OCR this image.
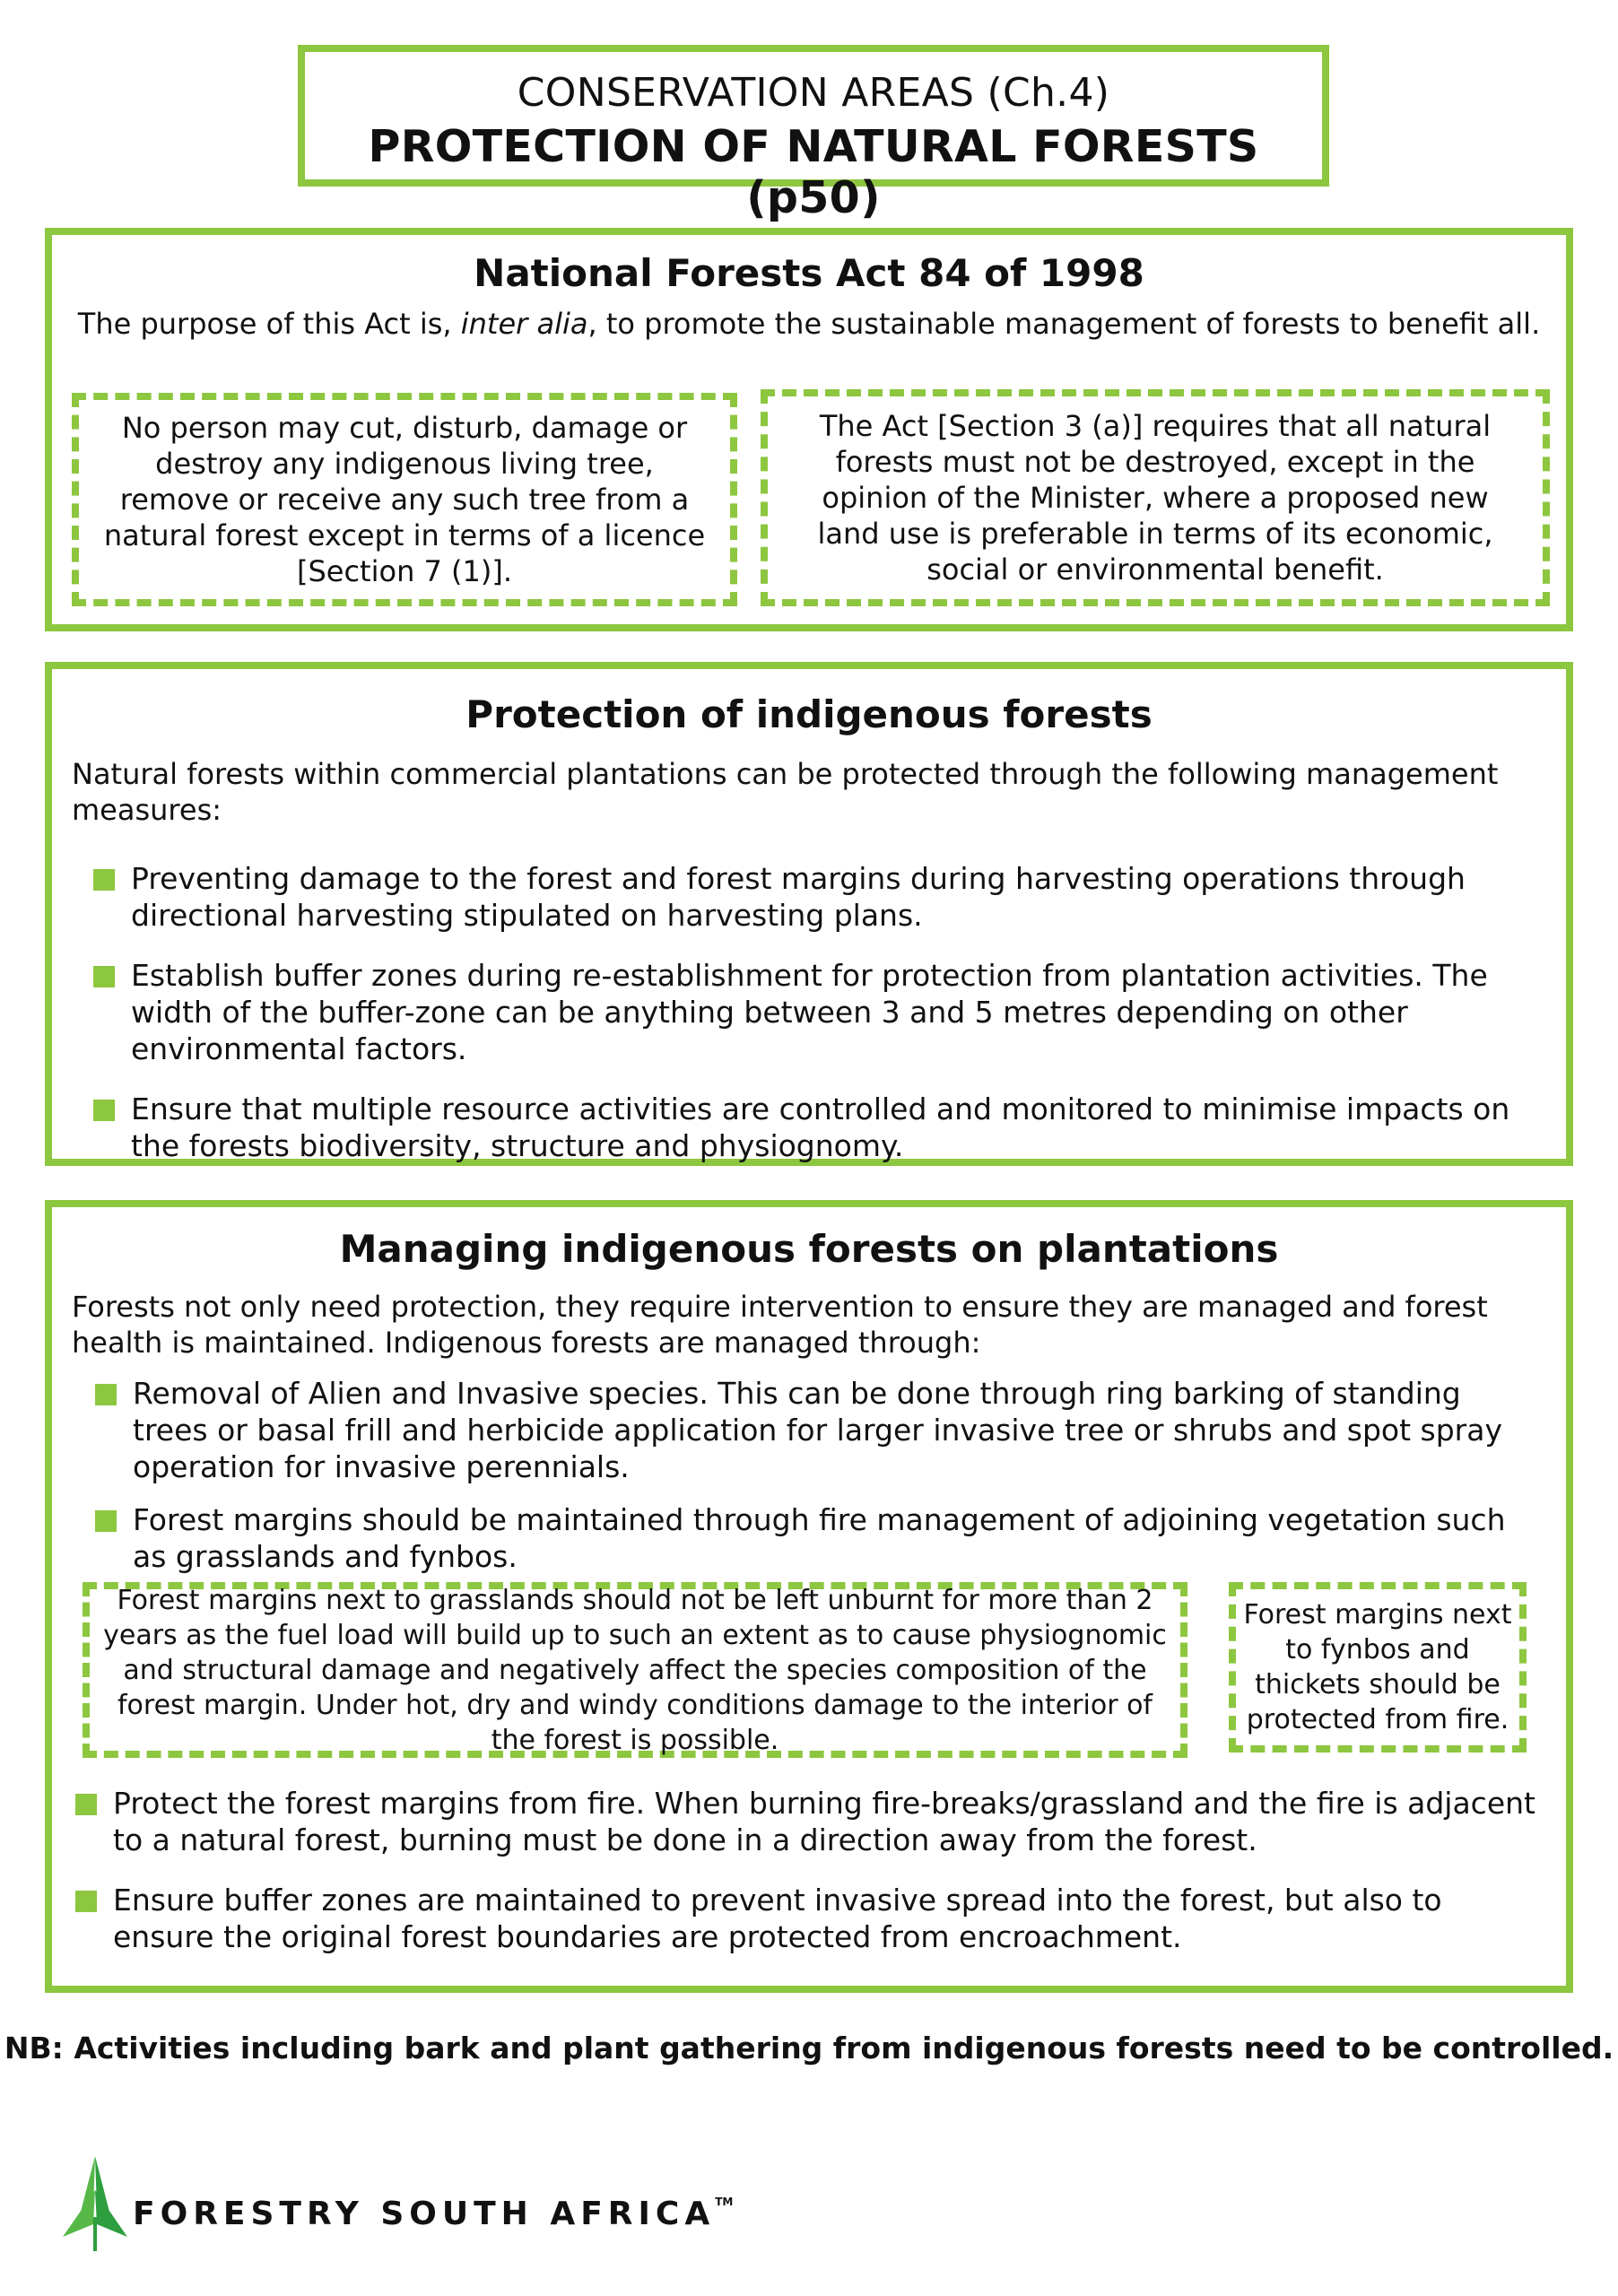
CONSERVATION AREAS (Ch.4)
PROTECTION OF NATURAL FORESTS (p50)
National Forests Act 84 of 1998
The purpose of this Act is, inter alia, to promote the sustainable management of forests to benefit all.
No person may cut, disturb, damage or destroy any indigenous living tree, remove or receive any such tree from a natural forest except in terms of a licence [Section 7 (1)].
The Act [Section 3 (a)] requires that all natural forests must not be destroyed, except in the opinion of the Minister, where a proposed new land use is preferable in terms of its economic, social or environmental benefit.
Protection of indigenous forests
Natural forests within commercial plantations can be protected through the following management measures:
Preventing damage to the forest and forest margins during harvesting operations through directional harvesting stipulated on harvesting plans.
Establish buffer zones during re-establishment for protection from plantation activities. The width of the buffer-zone can be anything between 3 and 5 metres depending on other environmental factors.
Ensure that multiple resource activities are controlled and monitored to minimise impacts on the forests biodiversity, structure and physiognomy.
Managing indigenous forests on plantations
Forests not only need protection, they require intervention to ensure they are managed and forest health is maintained. Indigenous forests are managed through:
Removal of Alien and Invasive species. This can be done through ring barking of standing trees or basal frill and herbicide application for larger invasive tree or shrubs and spot spray operation for invasive perennials.
Forest margins should be maintained through fire management of adjoining vegetation such as grasslands and fynbos.
Forest margins next to grasslands should not be left unburnt for more than 2 years as the fuel load will build up to such an extent as to cause physiognomic and structural damage and negatively affect the species composition of the forest margin. Under hot, dry and windy conditions damage to the interior of the forest is possible.
Forest margins next to fynbos and thickets should be protected from fire.
Protect the forest margins from fire. When burning fire-breaks/grassland and the fire is adjacent to a natural forest, burning must be done in a direction away from the forest.
Ensure buffer zones are maintained to prevent invasive spread into the forest, but also to ensure the original forest boundaries are protected from encroachment.
NB: Activities including bark and plant gathering from indigenous forests need to be controlled.
FORESTRY SOUTH AFRICA™
